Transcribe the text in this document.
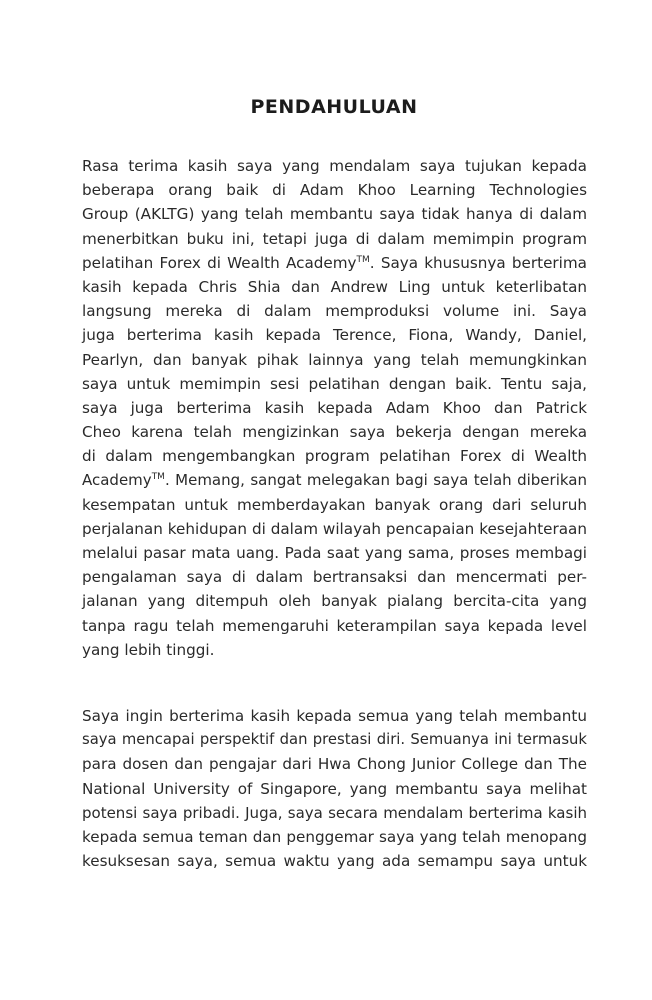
PENDAHULUAN
Rasa terima kasih saya yang mendalam saya tujukan kepada
beberapa orang baik di Adam Khoo Learning Technologies
Group (AKLTG) yang telah membantu saya tidak hanya di dalam
menerbitkan buku ini, tetapi juga di dalam memimpin program
pelatihan Forex di Wealth Academy™. Saya khususnya berterima
kasih kepada Chris Shia dan Andrew Ling untuk keterlibatan
langsung mereka di dalam memproduksi volume ini. Saya
juga berterima kasih kepada Terence, Fiona, Wandy, Daniel,
Pearlyn, dan banyak pihak lainnya yang telah memungkinkan
saya untuk memimpin sesi pelatihan dengan baik. Tentu saja,
saya juga berterima kasih kepada Adam Khoo dan Patrick
Cheo karena telah mengizinkan saya bekerja dengan mereka
di dalam mengembangkan program pelatihan Forex di Wealth
Academy™. Memang, sangat melegakan bagi saya telah diberikan
kesempatan untuk memberdayakan banyak orang dari seluruh
perjalanan kehidupan di dalam wilayah pencapaian kesejahteraan
melalui pasar mata uang. Pada saat yang sama, proses membagi
pengalaman saya di dalam bertransaksi dan mencermati per-
jalanan yang ditempuh oleh banyak pialang bercita-cita yang
tanpa ragu telah memengaruhi keterampilan saya kepada level
yang lebih tinggi.
Saya ingin berterima kasih kepada semua yang telah membantu
saya mencapai perspektif dan prestasi diri. Semuanya ini termasuk
para dosen dan pengajar dari Hwa Chong Junior College dan The
National University of Singapore, yang membantu saya melihat
potensi saya pribadi. Juga, saya secara mendalam berterima kasih
kepada semua teman dan penggemar saya yang telah menopang
kesuksesan saya, semua waktu yang ada semampu saya untuk
